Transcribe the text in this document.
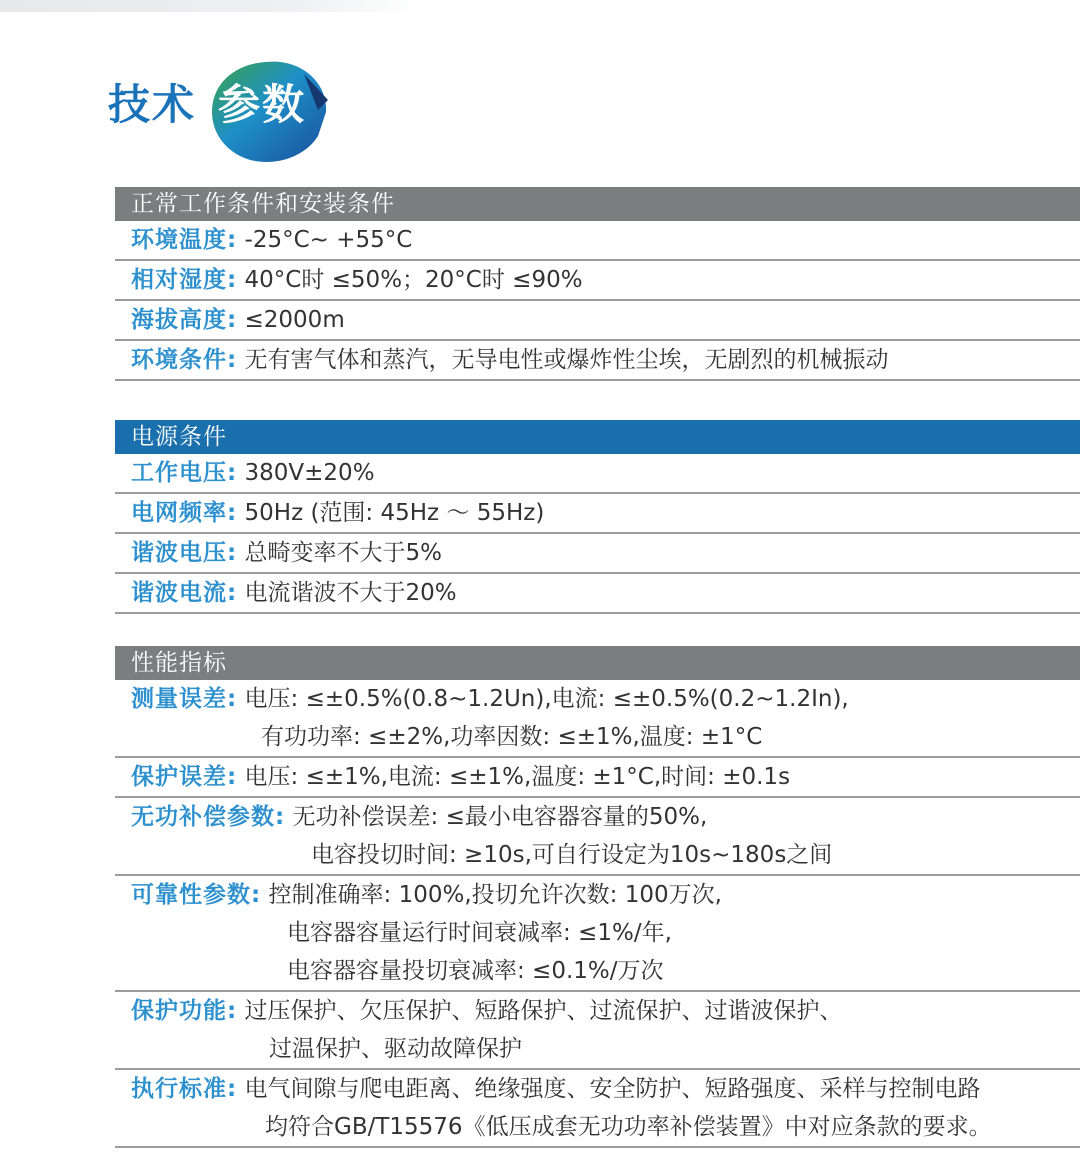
技术 参数
正常工作条件和安装条件
环境温度: -25°C~ +55°C
相对湿度: 40°C时 ≤50%；20°C时 ≤90%
海拔高度: ≤2000m
环境条件: 无有害气体和蒸汽，无导电性或爆炸性尘埃，无剧烈的机械振动
电源条件
工作电压: 380V±20%
电网频率: 50Hz (范围: 45Hz ～ 55Hz)
谐波电压: 总畸变率不大于5%
谐波电流: 电流谐波不大于20%
性能指标
测量误差: 电压: ≤±0.5%(0.8~1.2Un),电流: ≤±0.5%(0.2~1.2In),
有功功率: ≤±2%,功率因数: ≤±1%,温度: ±1°C
保护误差: 电压: ≤±1%,电流: ≤±1%,温度: ±1°C,时间: ±0.1s
无功补偿参数: 无功补偿误差: ≤最小电容器容量的50%,
电容投切时间: ≥10s,可自行设定为10s~180s之间
可靠性参数: 控制准确率: 100%,投切允许次数: 100万次,
电容器容量运行时间衰减率: ≤1%/年,
电容器容量投切衰减率: ≤0.1%/万次
保护功能: 过压保护、欠压保护、短路保护、过流保护、过谐波保护、
过温保护、驱动故障保护
执行标准: 电气间隙与爬电距离、绝缘强度、安全防护、短路强度、采样与控制电路
均符合GB/T15576《低压成套无功功率补偿装置》中对应条款的要求。
